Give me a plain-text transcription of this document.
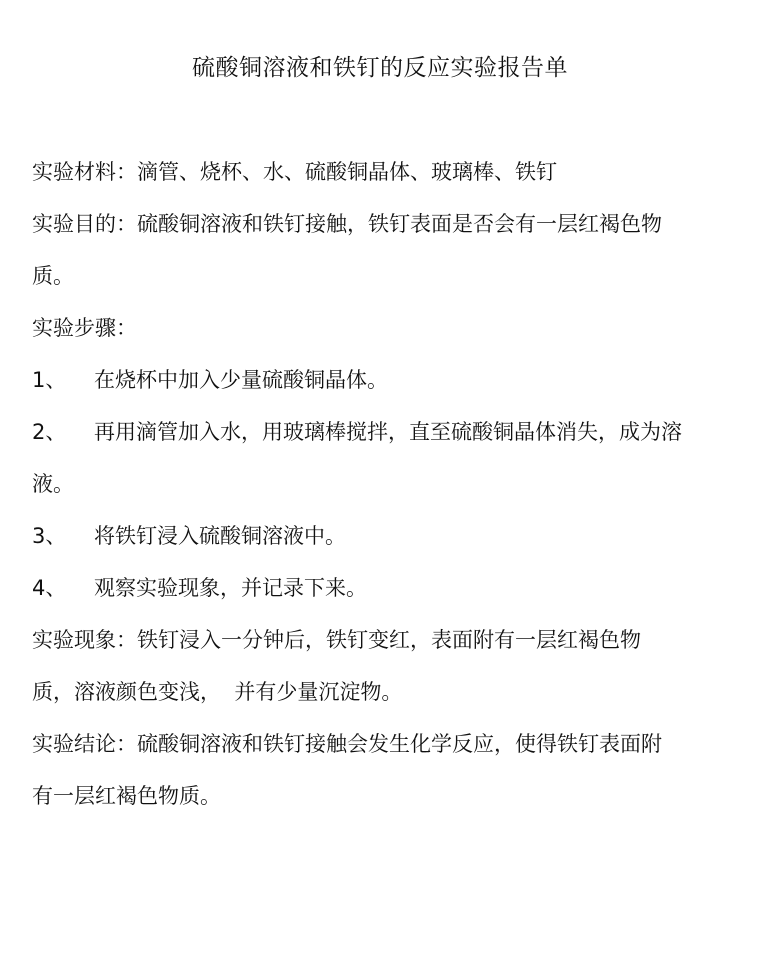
硫酸铜溶液和铁钉的反应实验报告单

实验材料：滴管、烧杯、水、硫酸铜晶体、玻璃棒、铁钉

实验目的：硫酸铜溶液和铁钉接触，铁钉表面是否会有一层红褐色物

质。

实验步骤：

1、	在烧杯中加入少量硫酸铜晶体。
2、	再用滴管加入水，用玻璃棒搅拌，直至硫酸铜晶体消失，成为溶

液。

3、	将铁钉浸入硫酸铜溶液中。
4、	观察实验现象，并记录下来。

实验现象：铁钉浸入一分钟后，铁钉变红，表面附有一层红褐色物

质，溶液颜色变浅，  并有少量沉淀物。

实验结论：硫酸铜溶液和铁钉接触会发生化学反应，使得铁钉表面附

有一层红褐色物质。
